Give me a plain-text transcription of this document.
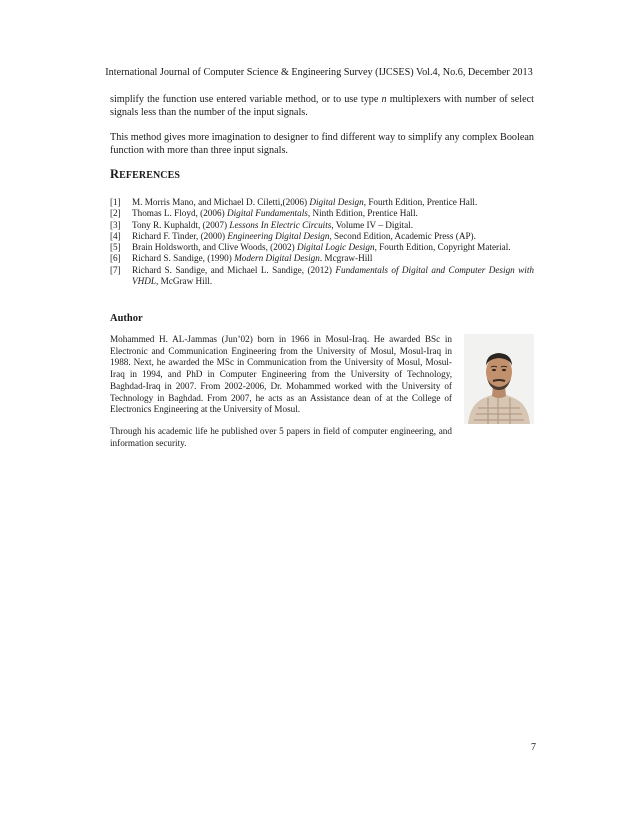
International Journal of Computer Science & Engineering Survey (IJCSES) Vol.4, No.6, December 2013

simplify the function use entered variable method, or to use type n multiplexers with number of select signals less than the number of the input signals.

This method gives more imagination to designer to find different way to simplify any complex Boolean function with more than three input signals.

REFERENCES
[1] M. Morris Mano, and Michael D. Ciletti,(2006) Digital Design, Fourth Edition, Prentice Hall.
[2] Thomas L. Floyd, (2006) Digital Fundamentals, Ninth Edition, Prentice Hall.
[3] Tony R. Kuphaldt, (2007) Lessons In Electric Circuits, Volume IV – Digital.
[4] Richard F. Tinder, (2000) Engineering Digital Design, Second Edition, Academic Press (AP).
[5] Brain Holdsworth, and Clive Woods, (2002) Digital Logic Design, Fourth Edition, Copyright Material.
[6] Richard S. Sandige, (1990) Modern Digital Design. Mcgraw-Hill
[7] Richard S. Sandige, and Michael L. Sandige, (2012) Fundamentals of Digital and Computer Design with VHDL, McGraw Hill.
Author

Mohammed H. AL-Jammas (Jun’02) born in 1966 in Mosul-Iraq. He awarded BSc in Electronic and Communication Engineering from the University of Mosul, Mosul-Iraq in 1988. Next, he awarded the MSc in Communication from the University of Mosul, Mosul-Iraq in 1994, and PhD in Computer Engineering from the University of Technology, Baghdad-Iraq in 2007. From 2002-2006, Dr. Mohammed worked with the University of Technology in Baghdad. From 2007, he acts as an Assistance dean of at the College of Electronics Engineering at the University of Mosul.

Through his academic life he published over 5 papers in field of computer engineering, and information security.

7
